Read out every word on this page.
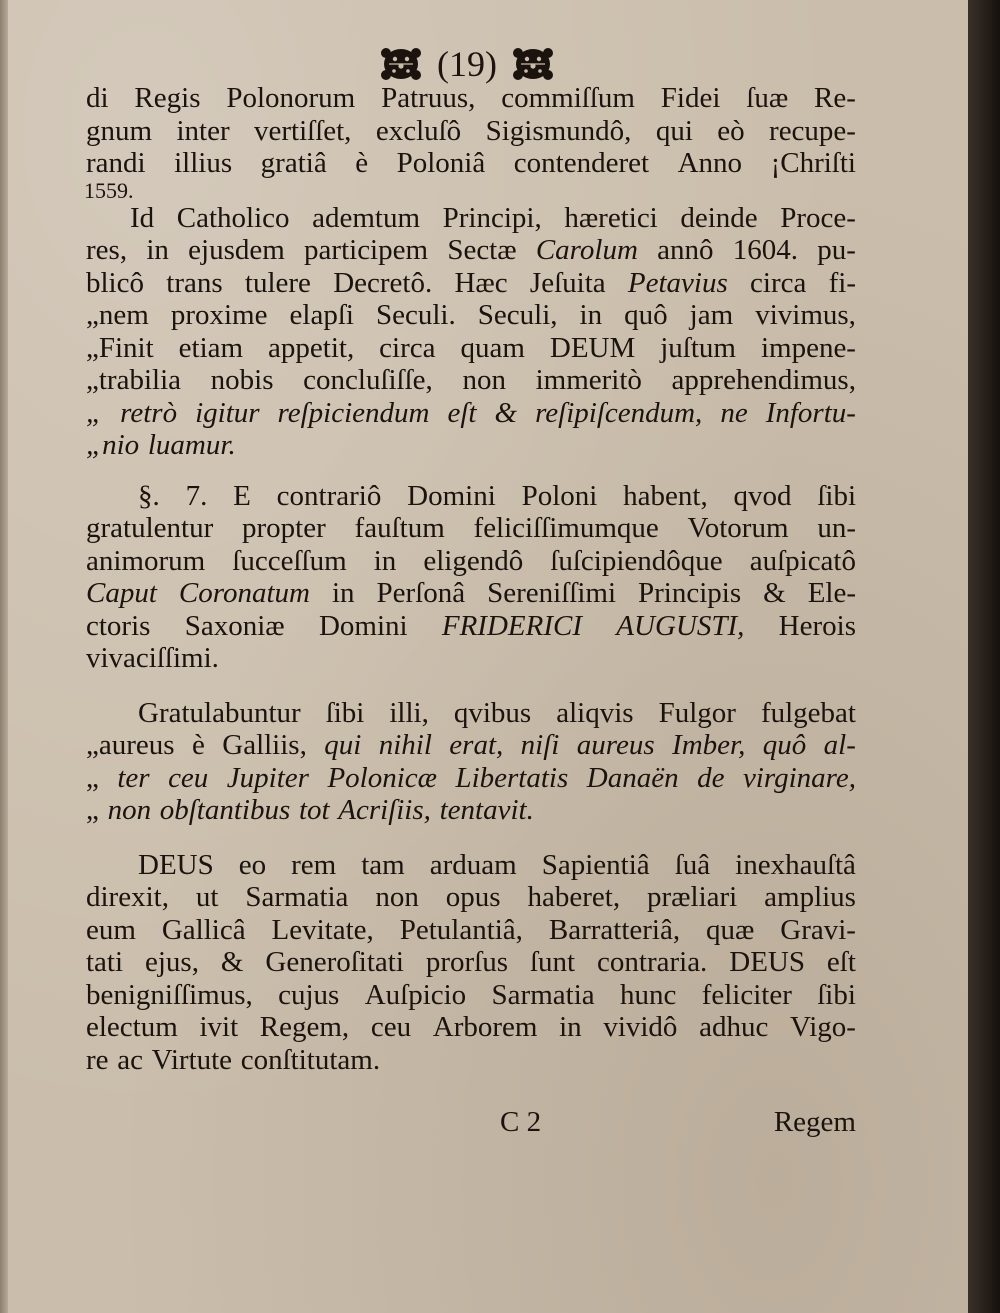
(19)
di Regis Polonorum Patruus, commiſſum Fidei ſuæ Re-
gnum inter vertiſſet, excluſô Sigismundô, qui eò recupe-
randi illius gratiâ è Poloniâ contenderet Anno ¡Chriſti
1559.
Id Catholico ademtum Principi, hæretici deinde Proce-
res, in ejusdem participem Sectæ Carolum annô 1604. pu-
blicô trans tulere Decretô. Hæc Jeſuita Petavius circa fi-
„nem proxime elapſi Seculi. Seculi, in quô jam vivimus,
„Finit etiam appetit, circa quam DEUM juſtum impene-
„trabilia nobis concluſiſſe, non immeritò apprehendimus,
„ retrò igitur reſpiciendum eſt & reſipiſcendum, ne Infortu-
„nio luamur.
§. 7. E contrariô Domini Poloni habent, qvod ſibi
gratulentur propter fauſtum feliciſſimumque Votorum un-
animorum ſucceſſum in eligendô ſuſcipiendôque auſpicatô
Caput Coronatum in Perſonâ Sereniſſimi Principis & Ele-
ctoris Saxoniæ Domini FRIDERICI AUGUSTI, Herois
vivaciſſimi.
Gratulabuntur ſibi illi, qvibus aliqvis Fulgor fulgebat
„aureus è Galliis, qui nihil erat, niſi aureus Imber, quô al-
„ ter ceu Jupiter Polonicæ Libertatis Danaën de virginare,
„ non obſtantibus tot Acriſiis, tentavit.
DEUS eo rem tam arduam Sapientiâ ſuâ inexhauſtâ
direxit, ut Sarmatia non opus haberet, præliari amplius
eum Gallicâ Levitate, Petulantiâ, Barratteriâ, quæ Gravi-
tati ejus, & Generoſitati prorſus ſunt contraria. DEUS eſt
benigniſſimus, cujus Auſpicio Sarmatia hunc feliciter ſibi
electum ivit Regem, ceu Arborem in vividô adhuc Vigo-
re ac Virtute conſtitutam.
C 2	Regem
